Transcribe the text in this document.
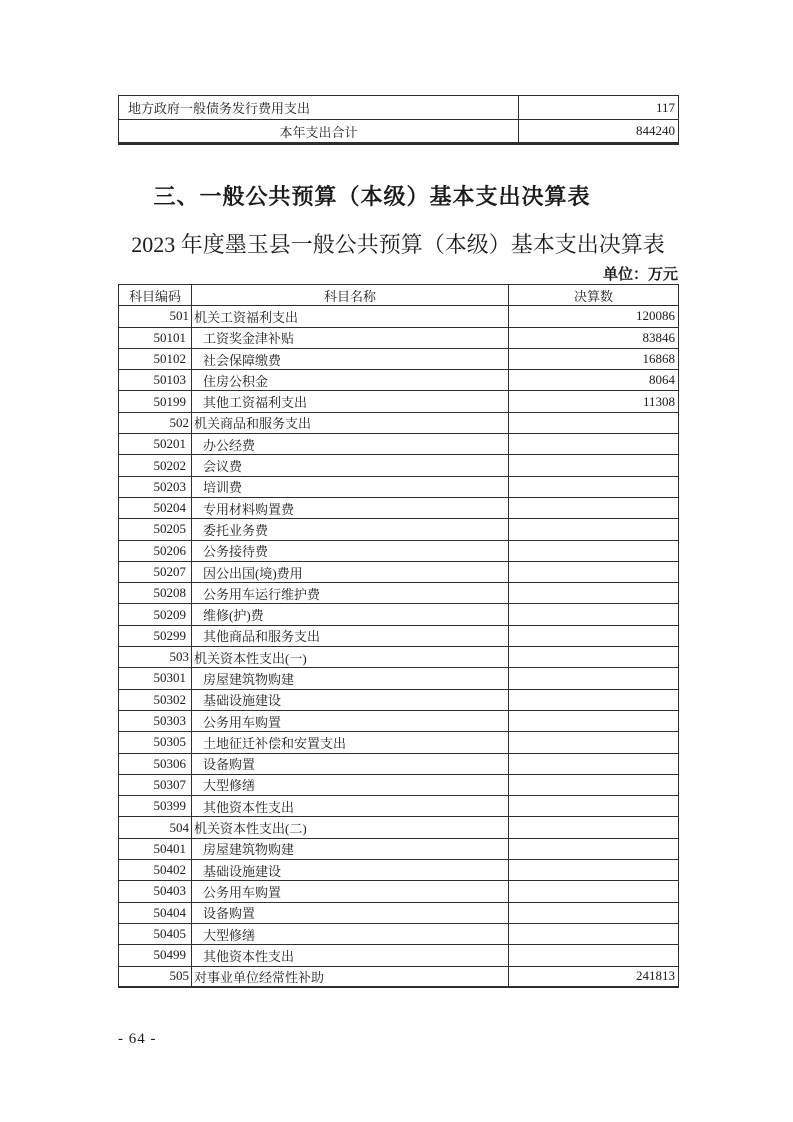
地方政府一般债务发行费用支出	117
本年支出合计	844240
三、一般公共预算（本级）基本支出决算表
2023 年度墨玉县一般公共预算（本级）基本支出决算表
单位：万元
科目编码	科目名称	决算数
501	机关工资福利支出	120086
50101	工资奖金津补贴	83846
50102	社会保障缴费	16868
50103	住房公积金	8064
50199	其他工资福利支出	11308
502	机关商品和服务支出	
50201	办公经费	
50202	会议费	
50203	培训费	
50204	专用材料购置费	
50205	委托业务费	
50206	公务接待费	
50207	因公出国(境)费用	
50208	公务用车运行维护费	
50209	维修(护)费	
50299	其他商品和服务支出	
503	机关资本性支出(一)	
50301	房屋建筑物购建	
50302	基础设施建设	
50303	公务用车购置	
50305	土地征迁补偿和安置支出	
50306	设备购置	
50307	大型修缮	
50399	其他资本性支出	
504	机关资本性支出(二)	
50401	房屋建筑物购建	
50402	基础设施建设	
50403	公务用车购置	
50404	设备购置	
50405	大型修缮	
50499	其他资本性支出	
505	对事业单位经常性补助	241813
- 64 -
